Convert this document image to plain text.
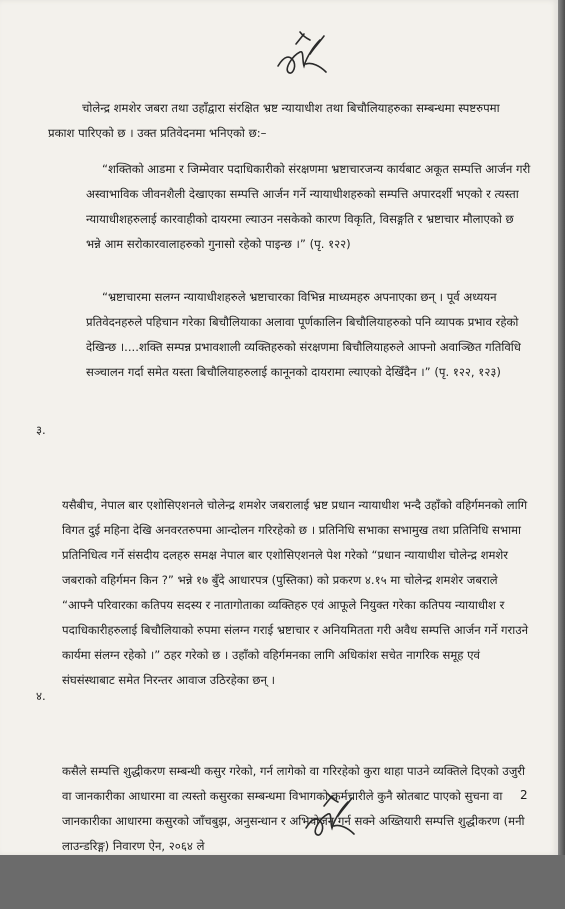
चोलेन्द्र शमशेर जबरा तथा उहाँद्वारा संरक्षित भ्रष्ट न्यायाधीश तथा बिचौलियाहरुका सम्बन्धमा स्पष्टरुपमा प्रकाश पारिएको छ । उक्त प्रतिवेदनमा भनिएको छ:–
“शक्तिको आडमा र जिम्मेवार पदाधिकारीको संरक्षणमा भ्रष्टाचारजन्य कार्यबाट अकूत सम्पत्ति आर्जन गरी अस्वाभाविक जीवनशैली देखाएका सम्पत्ति आर्जन गर्ने न्यायाधीशहरुको सम्पत्ति अपारदर्शी भएको र त्यस्ता न्यायाधीशहरुलाई कारवाहीको दायरमा ल्याउन नसकेको कारण विकृति, विसङ्गति र भ्रष्टाचार मौलाएको छ भन्ने आम सरोकारवालाहरुको गुनासो रहेको पाइन्छ ।” (पृ. १२२)
“भ्रष्टाचारमा सलग्न न्यायाधीशहरुले भ्रष्टाचारका विभिन्न माध्यमहरु अपनाएका छन् । पूर्व अध्ययन प्रतिवेदनहरुले पहिचान गरेका बिचौलियाका अलावा पूर्णकालिन बिचौलियाहरुको पनि व्यापक प्रभाव रहेको देखिन्छ ।....शक्ति सम्पन्न प्रभावशाली व्यक्तिहरुको संरक्षणमा बिचौलियाहरुले आफ्नो अवाञ्छित गतिविधि सञ्चालन गर्दा समेत यस्ता बिचौलियाहरुलाई कानूनको दायरामा ल्याएको देखिँदैन ।” (पृ. १२२, १२३)

३.

यसैबीच, नेपाल बार एशोसिएशनले चोलेन्द्र शमशेर जबरालाई भ्रष्ट प्रधान न्यायाधीश भन्दै उहाँको वहिर्गमनको लागि विगत दुई महिना देखि अनवरतरुपमा आन्दोलन गरिरहेको छ । प्रतिनिधि सभाका सभामुख तथा प्रतिनिधि सभामा प्रतिनिधित्व गर्ने संसदीय दलहरु समक्ष नेपाल बार एशोसिएशनले पेश गरेको “प्रधान न्यायाधीश चोलेन्द्र शमशेर जबराको वहिर्गमन किन ?” भन्ने १७ बुँदे आधारपत्र (पुस्तिका) को प्रकरण ४.१५ मा चोलेन्द्र शमशेर जबराले “आफ्नै परिवारका कतिपय सदस्य र नातागोताका व्यक्तिहरु एवं आफूले नियुक्त गरेका कतिपय न्यायाधीश र पदाधिकारीहरुलाई बिचौलियाको रुपमा संलग्न गराई भ्रष्टाचार र अनियमितता गरी अवैध सम्पत्ति आर्जन गर्ने गराउने कार्यमा संलग्न रहेको ।” ठहर गरेको छ । उहाँको वहिर्गमनका लागि अधिकांश सचेत नागरिक समूह एवं संघसंस्थाबाट समेत निरन्तर आवाज उठिरहेका छन् ।

४.

कसैले सम्पत्ति शुद्धीकरण सम्बन्धी कसुर गरेको, गर्न लागेको वा गरिरहेको कुरा थाहा पाउने व्यक्तिले दिएको उजुरी वा जानकारीका आधारमा वा त्यस्तो कसुरका सम्बन्धमा विभागको कर्मचारीले कुनै स्रोतबाट पाएको सुचना वा जानकारीका आधारमा कसुरको जाँचबुझ, अनुसन्धान र अभियोजन गर्न सक्ने अख्तियारी सम्पत्ति शुद्धीकरण (मनी लाउन्डरिङ्ग) निवारण ऐन, २०६४ ले

2
